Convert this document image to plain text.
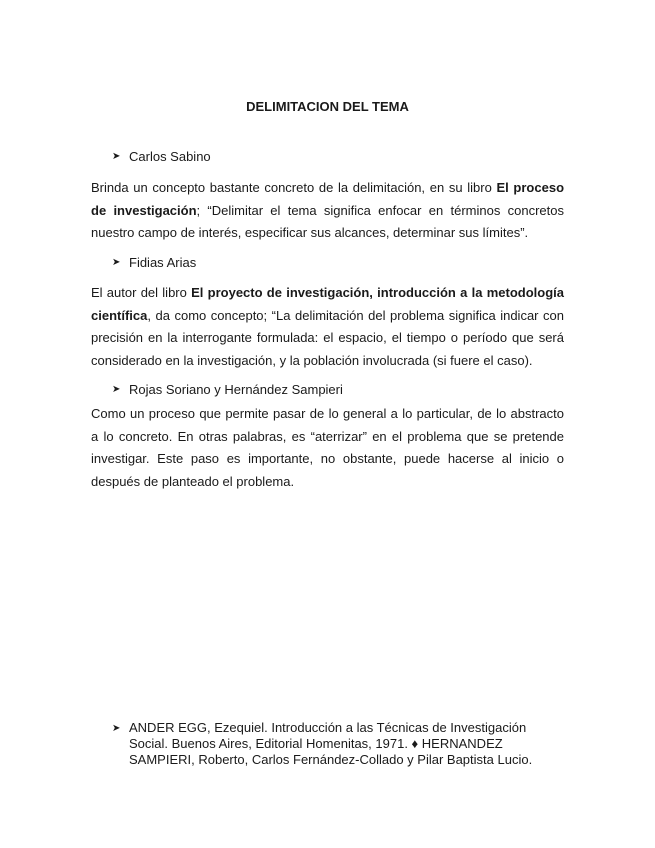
DELIMITACION DEL TEMA
➤ Carlos Sabino
Brinda un concepto bastante concreto de la delimitación, en su libro El proceso de investigación; “Delimitar el tema significa enfocar en términos concretos nuestro campo de interés, especificar sus alcances, determinar sus límites”.
➤ Fidias Arias
El autor del libro El proyecto de investigación, introducción a la metodología científica, da como concepto; “La delimitación del problema significa indicar con precisión en la interrogante formulada: el espacio, el tiempo o período que será considerado en la investigación, y la población involucrada (si fuere el caso).
➤ Rojas Soriano y Hernández Sampieri
Como un proceso que permite pasar de lo general a lo particular, de lo abstracto a lo concreto. En otras palabras, es “aterrizar” en el problema que se pretende investigar. Este paso es importante, no obstante, puede hacerse al inicio o después de planteado el problema.
➤ ANDER EGG, Ezequiel. Introducción a las Técnicas de Investigación Social. Buenos Aires, Editorial Homenitas, 1971. ♦ HERNANDEZ SAMPIERI, Roberto, Carlos Fernández-Collado y Pilar Baptista Lucio.
